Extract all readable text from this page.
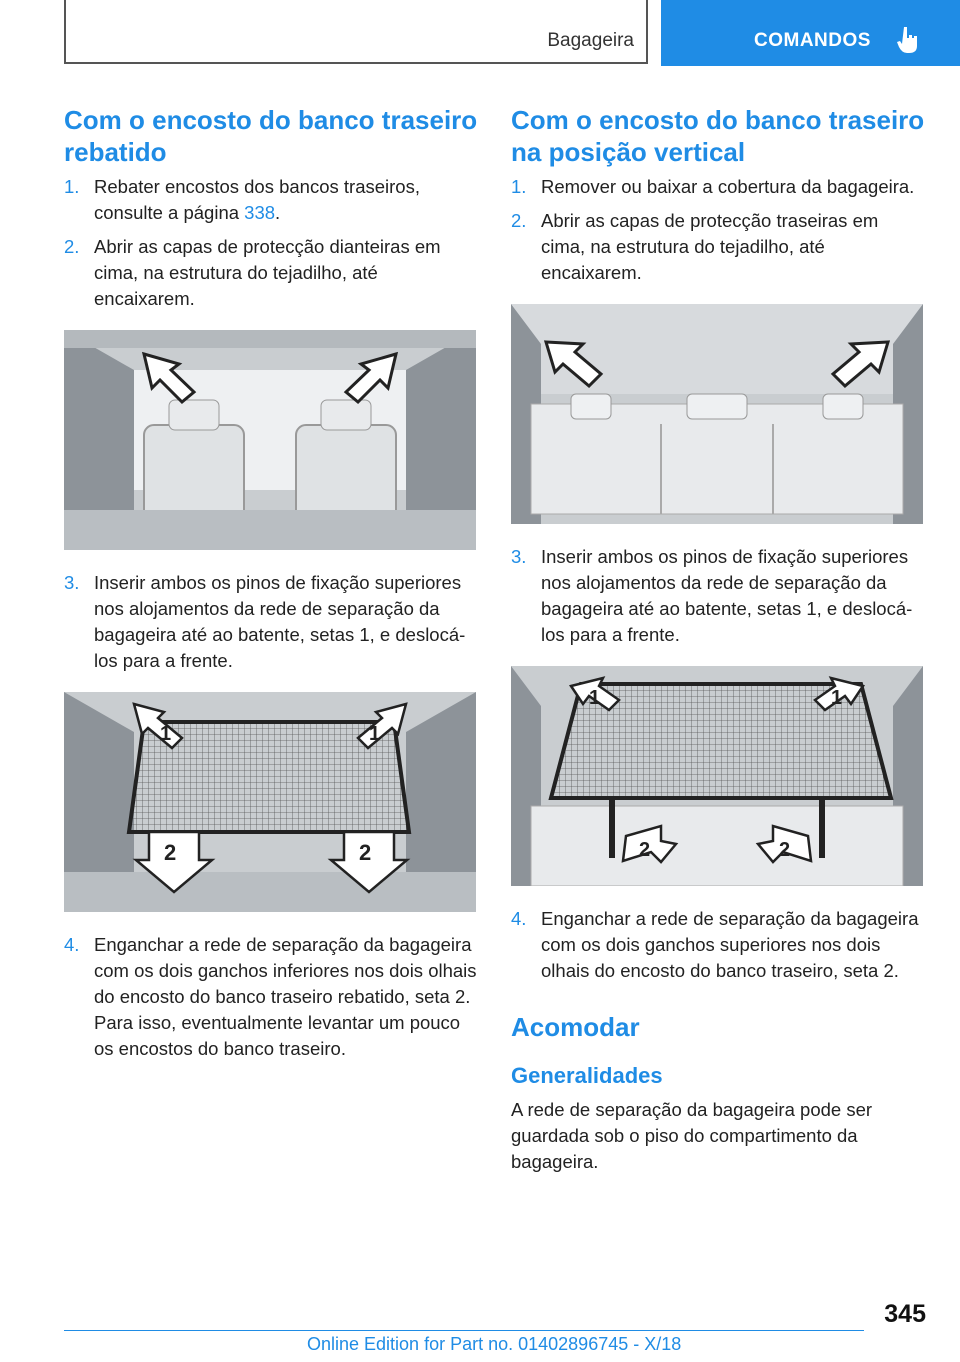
Bagageira	COMANDOS
Com o encosto do banco traseiro rebatido
1. Rebater encostos dos bancos traseiros, consulte a página 338.
2. Abrir as capas de protecção dianteiras em cima, na estrutura do tejadilho, até encaixarem.
3. Inserir ambos os pinos de fixação superiores nos alojamentos da rede de separação da bagageira até ao batente, setas 1, e deslocá-los para a frente.
1	1
2	2
4. Enganchar a rede de separação da bagageira com os dois ganchos inferiores nos dois olhais do encosto do banco traseiro rebatido, seta 2. Para isso, eventualmente levantar um pouco os encostos do banco traseiro.
Com o encosto do banco traseiro na posição vertical
1. Remover ou baixar a cobertura da bagageira.
2. Abrir as capas de protecção traseiras em cima, na estrutura do tejadilho, até encaixarem.
3. Inserir ambos os pinos de fixação superiores nos alojamentos da rede de separação da bagageira até ao batente, setas 1, e deslocá-los para a frente.
1	1
2	2
4. Enganchar a rede de separação da bagageira com os dois ganchos superiores nos dois olhais do encosto do banco traseiro, seta 2.
Acomodar
Generalidades
A rede de separação da bagageira pode ser guardada sob o piso do compartimento da bagageira.
345
Online Edition for Part no. 01402896745 - X/18
